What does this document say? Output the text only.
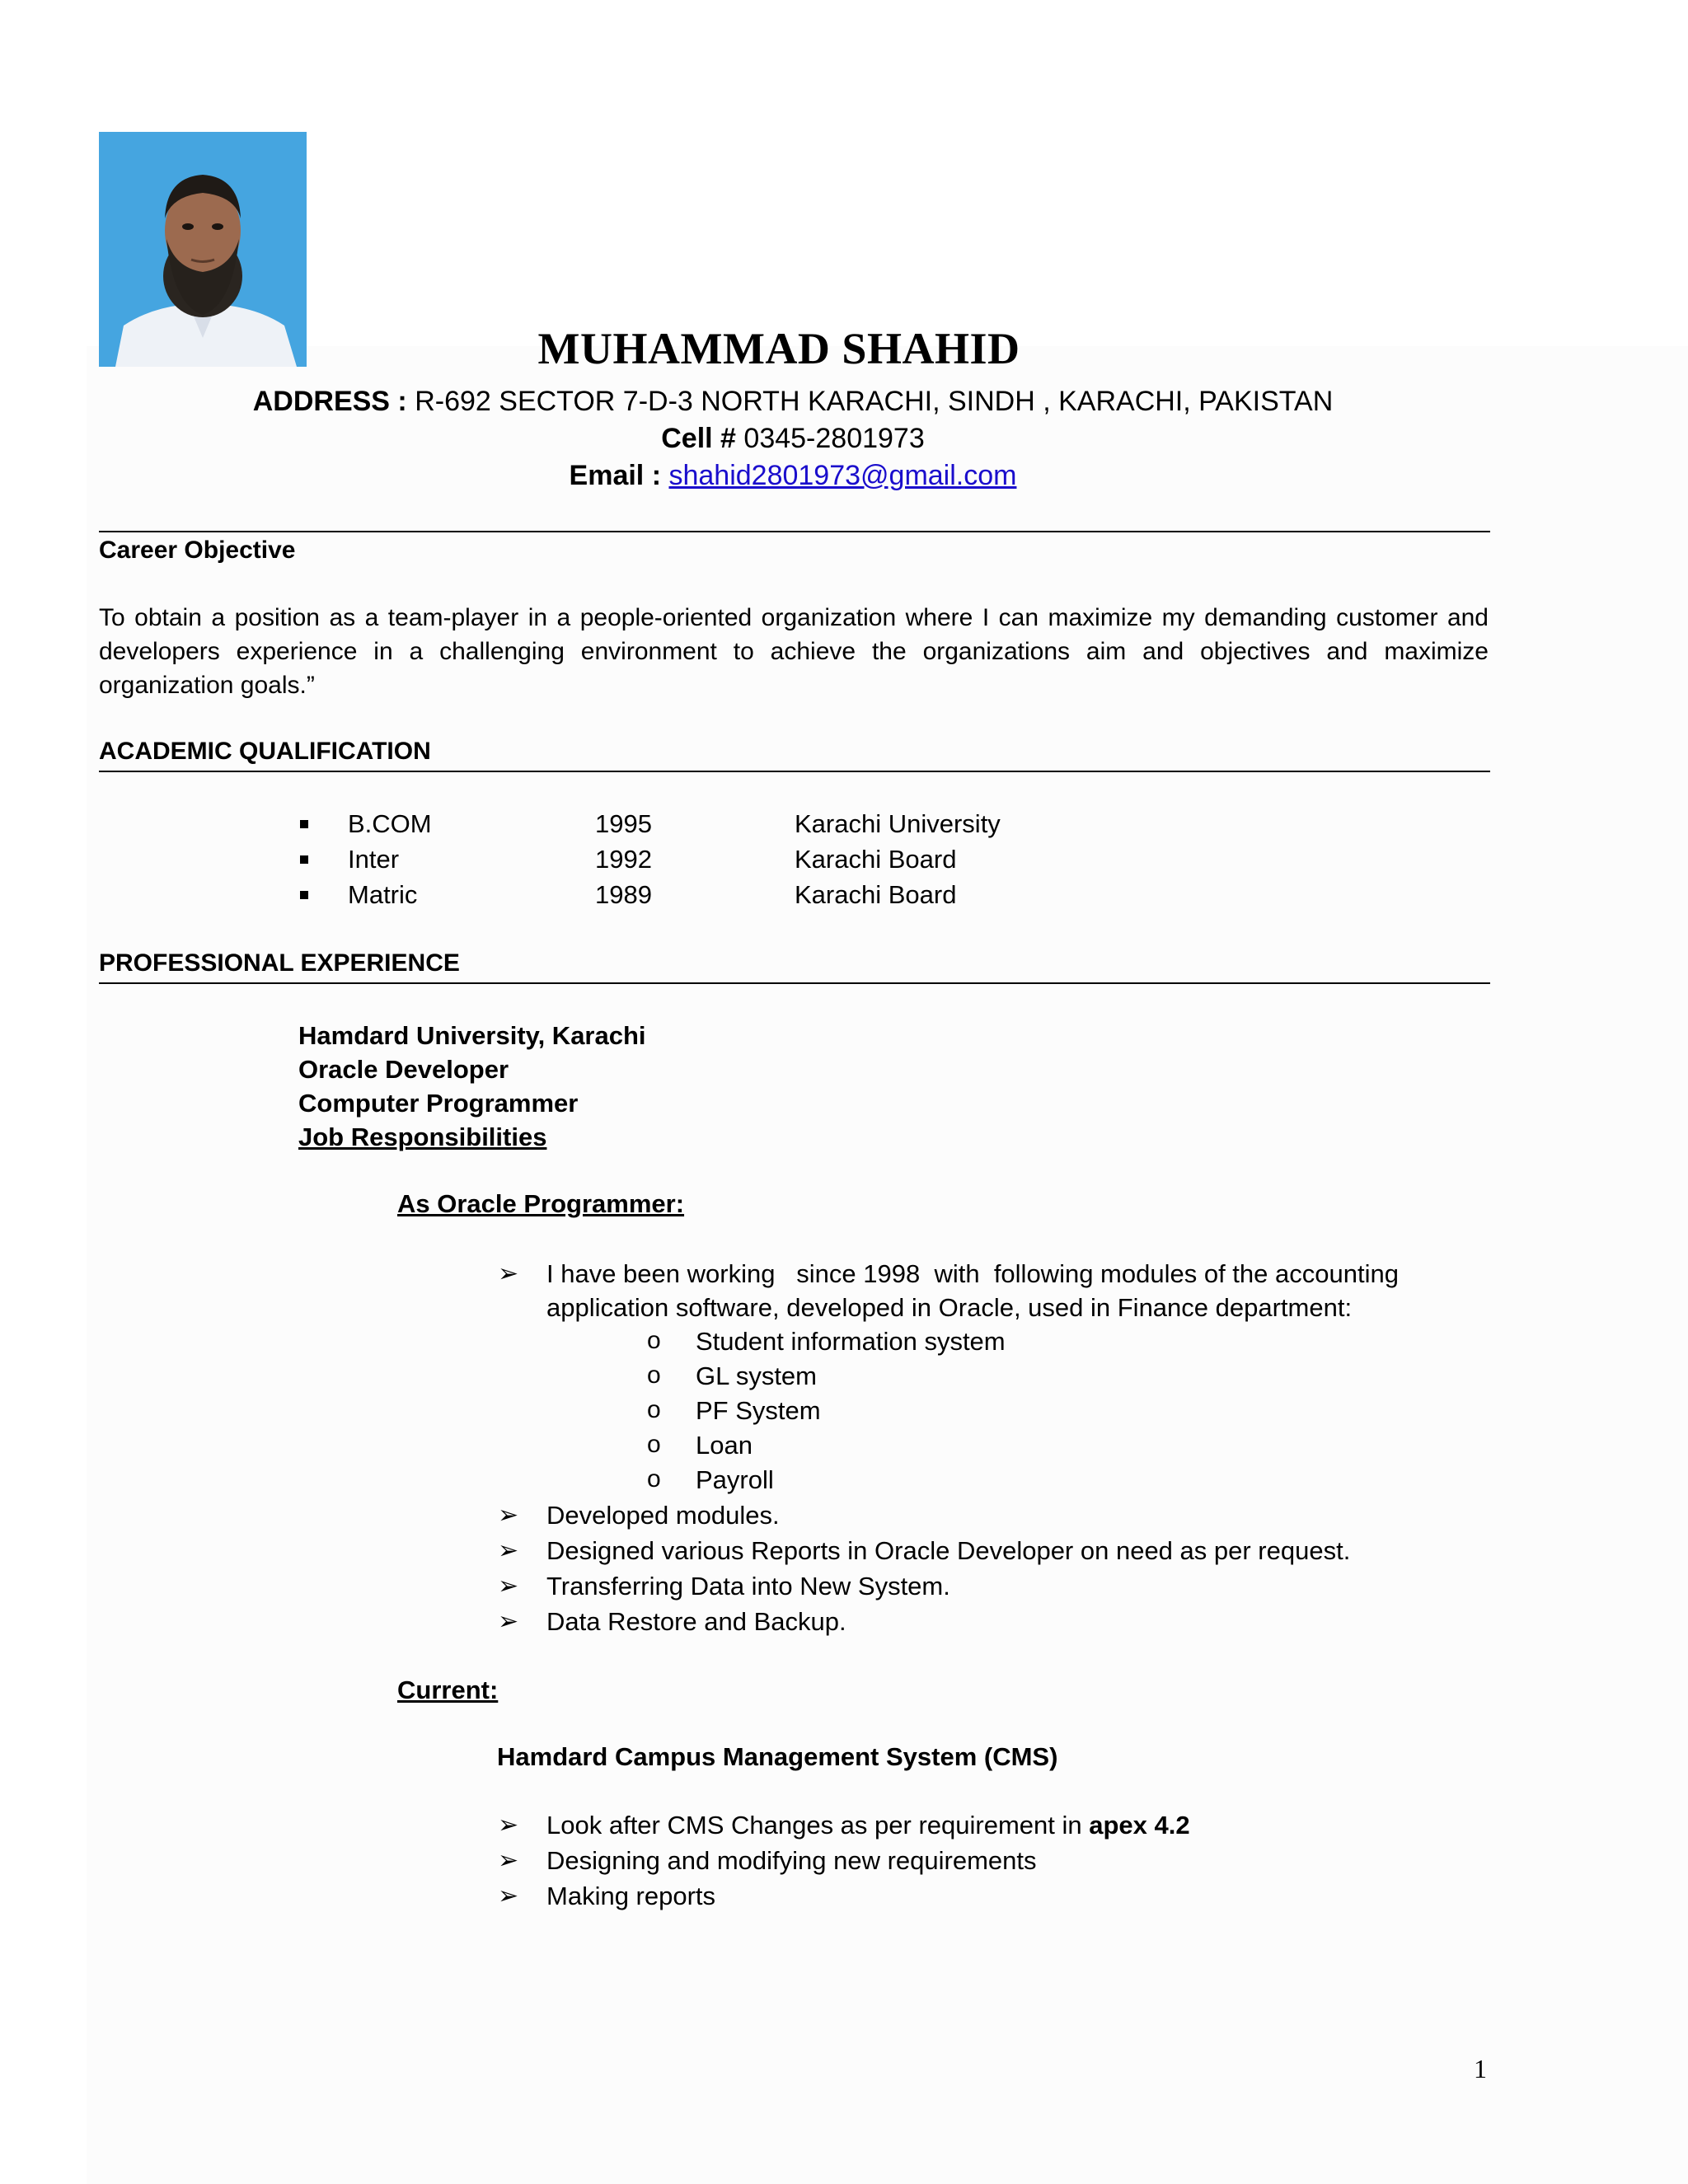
MUHAMMAD SHAHID
ADDRESS : R-692 SECTOR 7-D-3 NORTH KARACHI, SINDH , KARACHI, PAKISTAN
Cell # 0345-2801973
Email : shahid2801973@gmail.com
Career Objective
To obtain a position as a team-player in a people-oriented organization where I can maximize my demanding customer and
developers experience in a challenging environment to achieve the organizations aim and objectives and maximize
organization goals.”
ACADEMIC QUALIFICATION
B.COM	1995	Karachi University
Inter	1992	Karachi Board
Matric	1989	Karachi Board
PROFESSIONAL EXPERIENCE
Hamdard University, Karachi
Oracle Developer
Computer Programmer
Job Responsibilities
As Oracle Programmer:
➢ I have been working   since 1998  with  following modules of the accounting
application software, developed in Oracle, used in Finance department:
o Student information system
o GL system
o PF System
o Loan
o Payroll
➢ Developed modules.
➢ Designed various Reports in Oracle Developer on need as per request.
➢ Transferring Data into New System.
➢ Data Restore and Backup.
Current:
Hamdard Campus Management System (CMS)
➢ Look after CMS Changes as per requirement in apex 4.2
➢ Designing and modifying new requirements
➢ Making reports
1
